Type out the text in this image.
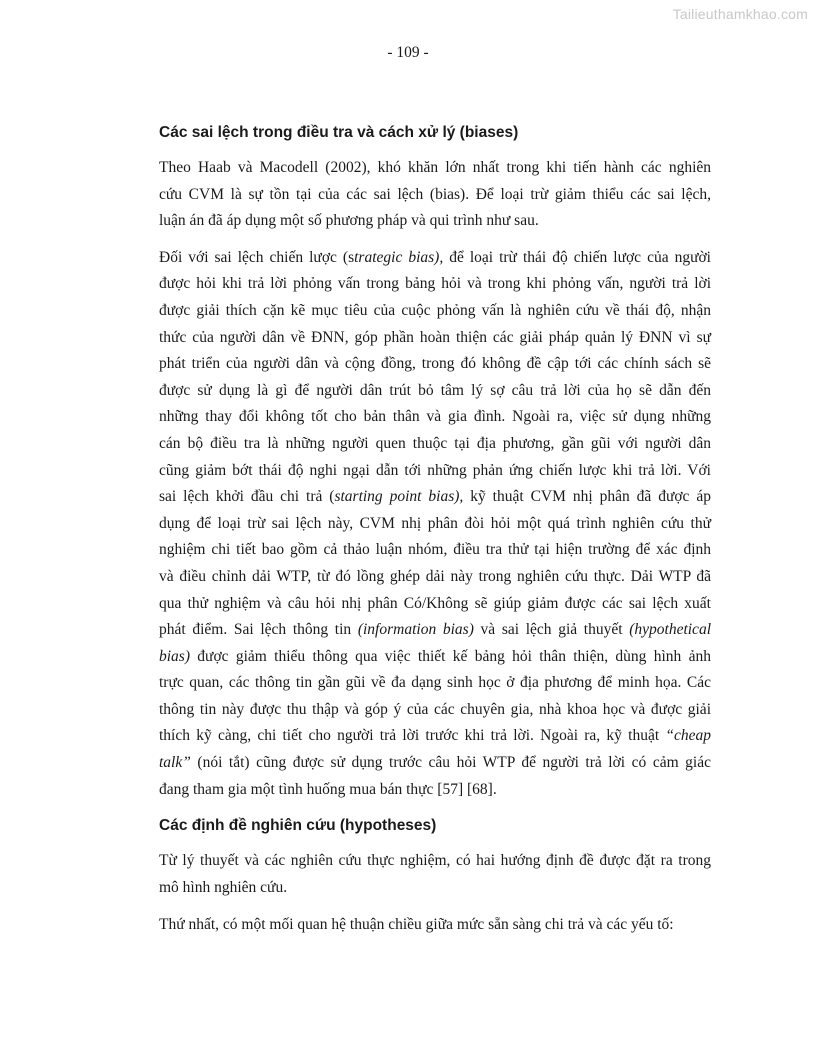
Tailieuthamkhao.com
- 109 -
Các sai lệch trong điều tra và cách xử lý (biases)

Theo Haab và Macodell (2002), khó khăn lớn nhất trong khi tiến hành các nghiên
cứu CVM là sự tồn tại của các sai lệch (bias). Để loại trừ giảm thiểu các sai lệch,
luận án đã áp dụng một số phương pháp và qui trình như sau.

Đối với sai lệch chiến lược (strategic bias), để loại trừ thái độ chiến lược của người
được hỏi khi trả lời phỏng vấn trong bảng hỏi và trong khi phỏng vấn, người trả lời
được giải thích cặn kẽ mục tiêu của cuộc phỏng vấn là nghiên cứu về thái độ, nhận
thức của người dân về ĐNN, góp phần hoàn thiện các giải pháp quản lý ĐNN vì sự
phát triển của người dân và cộng đồng, trong đó không đề cập tới các chính sách sẽ
được sử dụng là gì để người dân trút bỏ tâm lý sợ câu trả lời của họ sẽ dẫn đến
những thay đổi không tốt cho bản thân và gia đình. Ngoài ra, việc sử dụng những
cán bộ điều tra là những người quen thuộc tại địa phương, gần gũi với người dân
cũng giảm bớt thái độ nghi ngại dẫn tới những phản ứng chiến lược khi trả lời. Với
sai lệch khởi đầu chi trả (starting point bias), kỹ thuật CVM nhị phân đã được áp
dụng để loại trừ sai lệch này, CVM nhị phân đòi hỏi một quá trình nghiên cứu thử
nghiệm chi tiết bao gồm cả thảo luận nhóm, điều tra thử tại hiện trường để xác định
và điều chỉnh dải WTP, từ đó lồng ghép dải này trong nghiên cứu thực. Dải WTP đã
qua thử nghiệm và câu hỏi nhị phân Có/Không sẽ giúp giảm được các sai lệch xuất
phát điểm. Sai lệch thông tin (information bias) và sai lệch giả thuyết (hypothetical
bias) được giảm thiểu thông qua việc thiết kế bảng hỏi thân thiện, dùng hình ảnh
trực quan, các thông tin gần gũi về đa dạng sinh học ở địa phương để minh họa. Các
thông tin này được thu thập và góp ý của các chuyên gia, nhà khoa học và được giải
thích kỹ càng, chi tiết cho người trả lời trước khi trả lời. Ngoài ra, kỹ thuật “cheap
talk” (nói tắt) cũng được sử dụng trước câu hỏi WTP để người trả lời có cảm giác
đang tham gia một tình huống mua bán thực [57] [68].

Các định đề nghiên cứu (hypotheses)

Từ lý thuyết và các nghiên cứu thực nghiệm, có hai hướng định đề được đặt ra trong
mô hình nghiên cứu.

Thứ nhất, có một mối quan hệ thuận chiều giữa mức sẵn sàng chi trả và các yếu tố:
